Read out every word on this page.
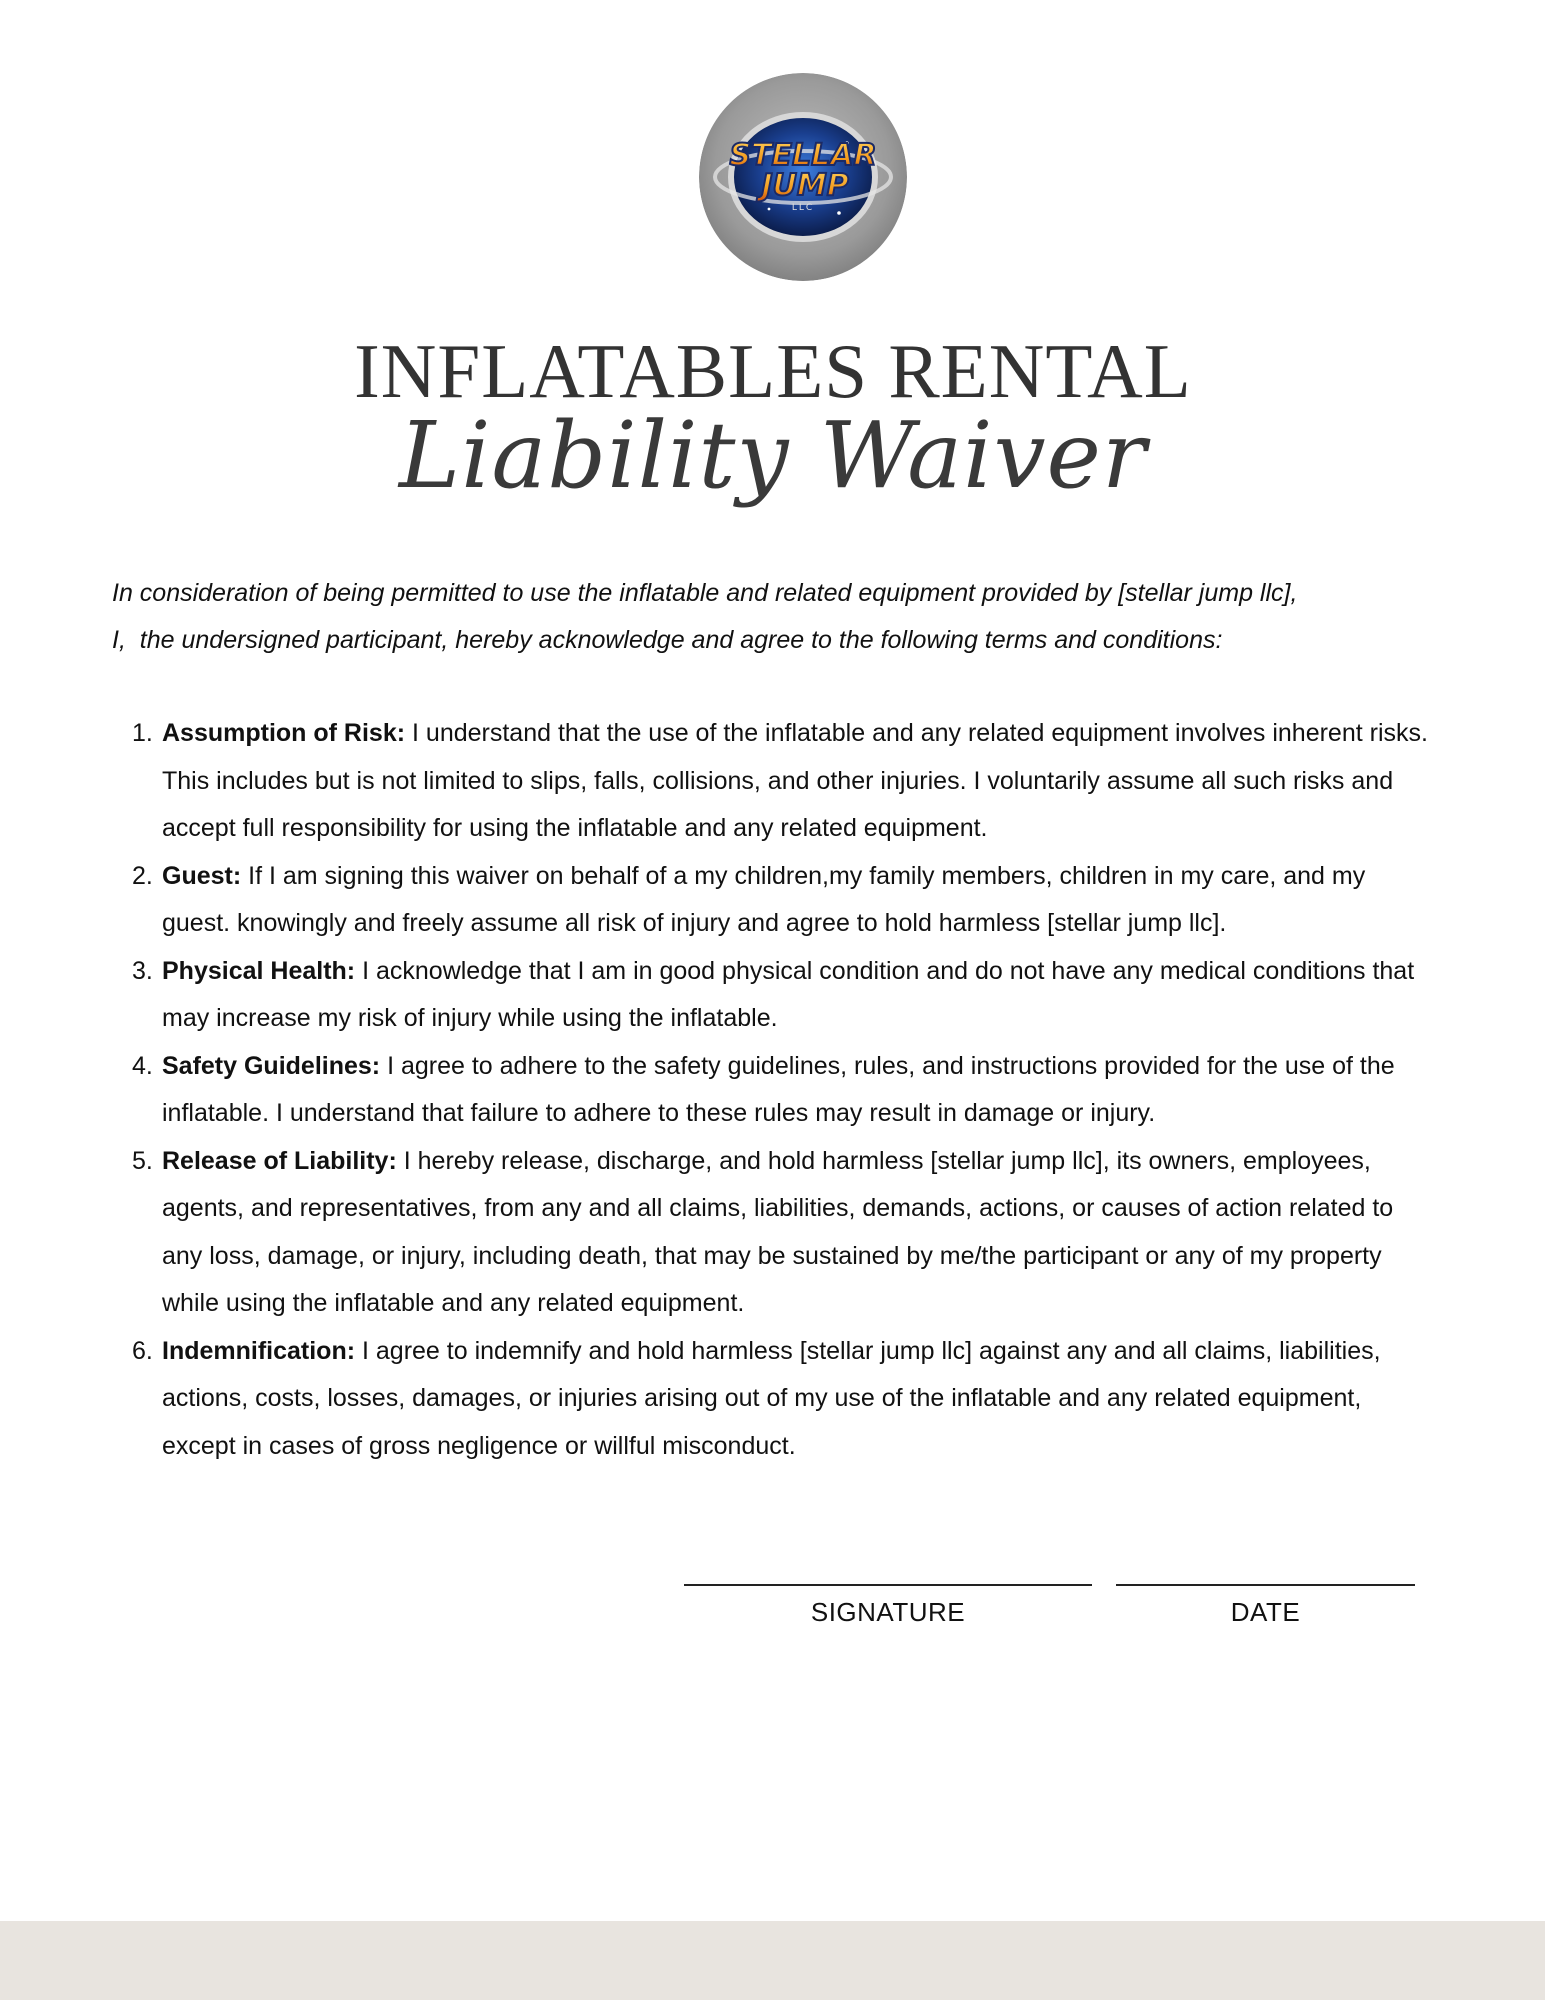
STELLAR
JUMP
LLC
INFLATABLES RENTAL
Liability Waiver

In consideration of being permitted to use the inflatable and related equipment provided by [stellar jump llc],
I,  the undersigned participant, hereby acknowledge and agree to the following terms and conditions:

1. Assumption of Risk: I understand that the use of the inflatable and any related equipment involves inherent risks. This includes but is not limited to slips, falls, collisions, and other injuries. I voluntarily assume all such risks and accept full responsibility for using the inflatable and any related equipment.
2. Guest: If I am signing this waiver on behalf of a my children,my family members, children in my care, and my guest. knowingly and freely assume all risk of injury and agree to hold harmless [stellar jump llc].
3. Physical Health: I acknowledge that I am in good physical condition and do not have any medical conditions that may increase my risk of injury while using the inflatable.
4. Safety Guidelines: I agree to adhere to the safety guidelines, rules, and instructions provided for the use of the inflatable. I understand that failure to adhere to these rules may result in damage or injury.
5. Release of Liability: I hereby release, discharge, and hold harmless [stellar jump llc], its owners, employees, agents, and representatives, from any and all claims, liabilities, demands, actions, or causes of action related to any loss, damage, or injury, including death, that may be sustained by me/the participant or any of my property while using the inflatable and any related equipment.
6. Indemnification: I agree to indemnify and hold harmless [stellar jump llc] against any and all claims, liabilities, actions, costs, losses, damages, or injuries arising out of my use of the inflatable and any related equipment, except in cases of gross negligence or willful misconduct.
SIGNATURE	DATE
